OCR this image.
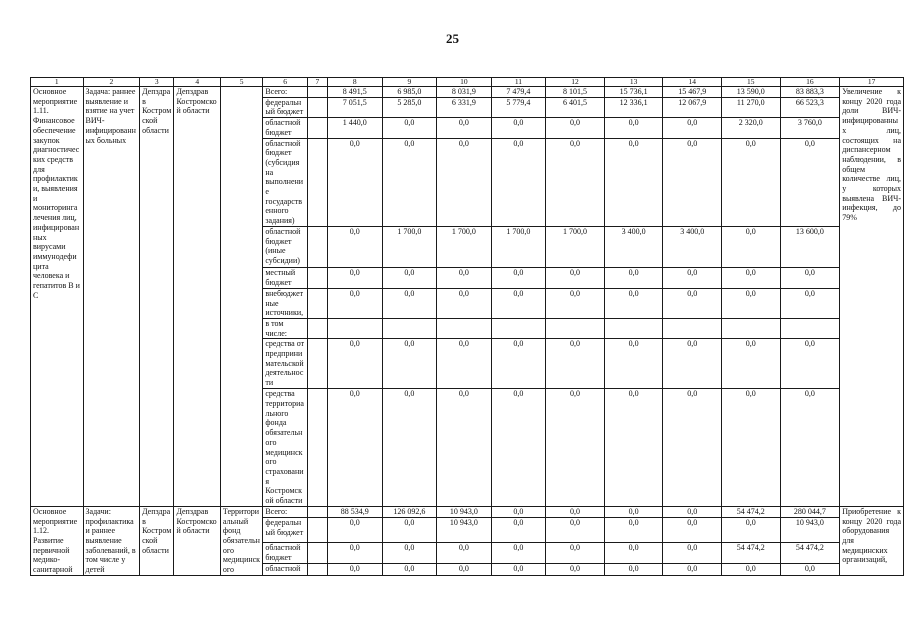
25
1	2	3	4	5	6	7	8	9	10	11	12	13	14	15	16	17
Основное мероприятие 1.11. Финансовое обеспечение закупок диагностических средств для профилактики, выявления и мониторинга лечения лиц, инфицированных вирусами иммунодефицита человека и гепатитов В и С	Задача: раннее выявление и взятие на учет ВИЧ-инфицированных больных	Депздрав Костромской области	Депздрав Костромской области		Всего:		8 491,5	6 985,0	8 031,9	7 479,4	8 101,5	15 736,1	15 467,9	13 590,0	83 883,3	Увеличение к концу 2020 года доли ВИЧ-инфицированных лиц, состоящих на диспансерном наблюдении, в общем количестве лиц, у которых выявлена ВИЧ-инфекция, до 79%
					федеральный бюджет		7 051,5	5 285,0	6 331,9	5 779,4	6 401,5	12 336,1	12 067,9	11 270,0	66 523,3	
					областной бюджет		1 440,0	0,0	0,0	0,0	0,0	0,0	0,0	2 320,0	3 760,0	
					областной бюджет (субсидия на выполнение государственного задания)		0,0	0,0	0,0	0,0	0,0	0,0	0,0	0,0	0,0	
					областной бюджет (иные субсидии)		0,0	1 700,0	1 700,0	1 700,0	1 700,0	3 400,0	3 400,0	0,0	13 600,0	
					местный бюджет		0,0	0,0	0,0	0,0	0,0	0,0	0,0	0,0	0,0	
					внебюджетные источники,		0,0	0,0	0,0	0,0	0,0	0,0	0,0	0,0	0,0	
					в том числе:											
					средства от предпринимательской деятельности		0,0	0,0	0,0	0,0	0,0	0,0	0,0	0,0	0,0	
					средства территориального фонда обязательного медицинского страхования Костромской области		0,0	0,0	0,0	0,0	0,0	0,0	0,0	0,0	0,0	
Основное мероприятие 1.12. Развитие первичной медико-санитарной	Задачи: профилактика и раннее выявление заболеваний, в том числе у детей	Депздрав Костромской области	Депздрав Костромской области	Территориальный фонд обязательного медицинского	Всего:		88 534,9	126 092,6	10 943,0	0,0	0,0	0,0	0,0	54 474,2	280 044,7	Приобретение к концу 2020 года оборудования для медицинских организаций,
					федеральный бюджет		0,0	0,0	10 943,0	0,0	0,0	0,0	0,0	0,0	10 943,0	
					областной бюджет		0,0	0,0	0,0	0,0	0,0	0,0	0,0	54 474,2	54 474,2	
					областной		0,0	0,0	0,0	0,0	0,0	0,0	0,0	0,0	0,0	
